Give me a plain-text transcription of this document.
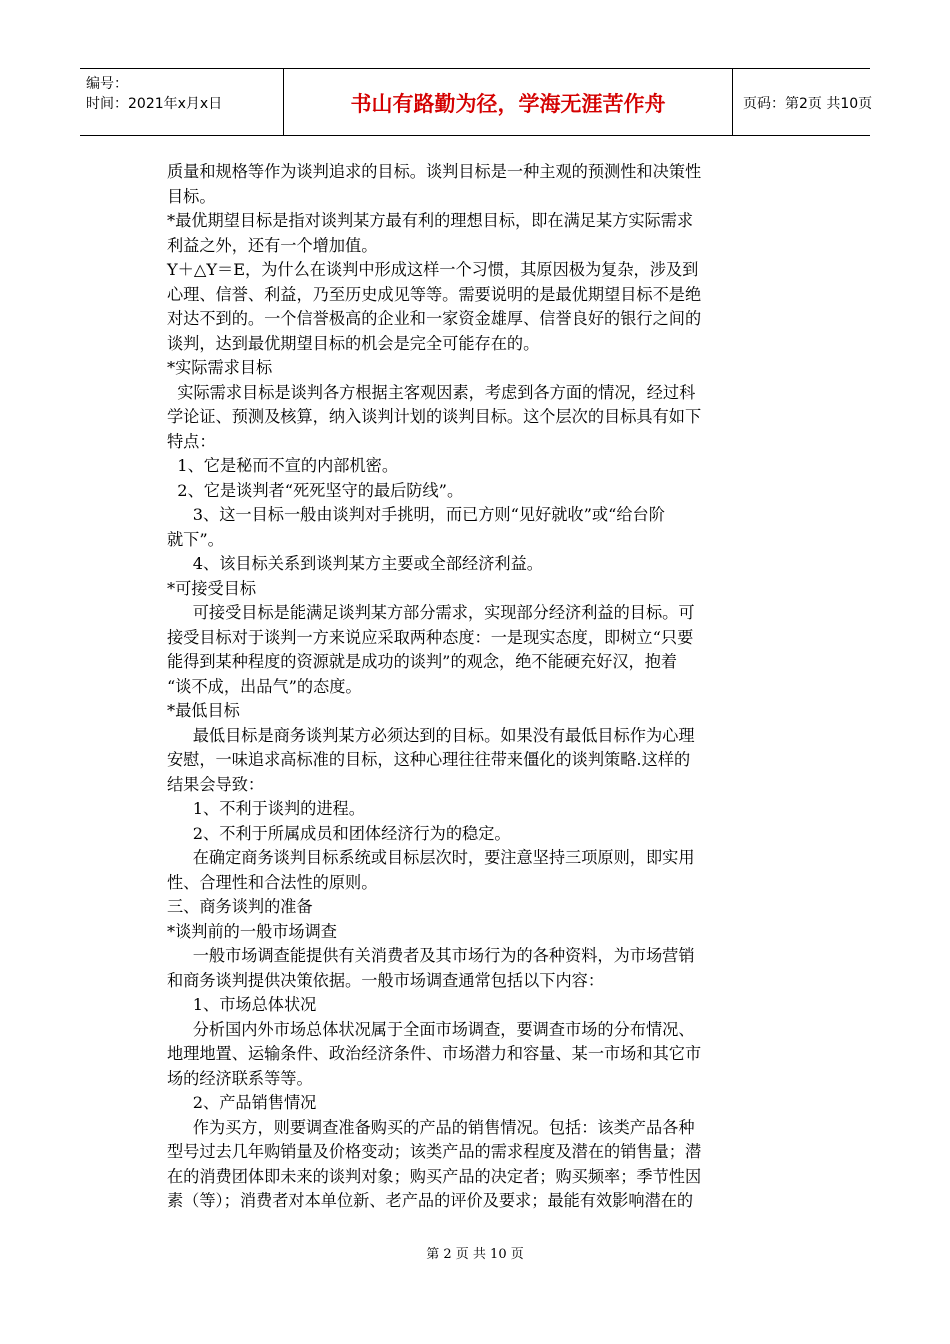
编号：
时间：2021年x月x日	书山有路勤为径，学海无涯苦作舟	页码：第2页 共10页
质量和规格等作为谈判追求的目标。谈判目标是一种主观的预测性和决策性
目标。
*最优期望目标是指对谈判某方最有利的理想目标，即在满足某方实际需求
利益之外，还有一个增加值。
Y＋△Y＝E，为什么在谈判中形成这样一个习惯，其原因极为复杂，涉及到
心理、信誉、利益，乃至历史成见等等。需要说明的是最优期望目标不是绝
对达不到的。一个信誉极高的企业和一家资金雄厚、信誉良好的银行之间的
谈判，达到最优期望目标的机会是完全可能存在的。
*实际需求目标
实际需求目标是谈判各方根据主客观因素，考虑到各方面的情况，经过科
学论证、预测及核算，纳入谈判计划的谈判目标。这个层次的目标具有如下
特点：
1、它是秘而不宣的内部机密。
2、它是谈判者“死死坚守的最后防线”。
3、这一目标一般由谈判对手挑明，而已方则“见好就收”或“给台阶
就下”。
4、该目标关系到谈判某方主要或全部经济利益。
*可接受目标
可接受目标是能满足谈判某方部分需求，实现部分经济利益的目标。可
接受目标对于谈判一方来说应采取两种态度：一是现实态度，即树立“只要
能得到某种程度的资源就是成功的谈判”的观念，绝不能硬充好汉，抱着
“谈不成，出品气”的态度。
*最低目标
最低目标是商务谈判某方必须达到的目标。如果没有最低目标作为心理
安慰，一味追求高标准的目标，这种心理往往带来僵化的谈判策略.这样的
结果会导致：
1、不利于谈判的进程。
2、不利于所属成员和团体经济行为的稳定。
在确定商务谈判目标系统或目标层次时，要注意坚持三项原则，即实用
性、合理性和合法性的原则。
三、商务谈判的准备
*谈判前的一般市场调查
一般市场调查能提供有关消费者及其市场行为的各种资料，为市场营销
和商务谈判提供决策依据。一般市场调查通常包括以下内容：
1、市场总体状况
分析国内外市场总体状况属于全面市场调查，要调查市场的分布情况、
地理地置、运输条件、政治经济条件、市场潜力和容量、某一市场和其它市
场的经济联系等等。
2、产品销售情况
作为买方，则要调查准备购买的产品的销售情况。包括：该类产品各种
型号过去几年购销量及价格变动；该类产品的需求程度及潜在的销售量；潜
在的消费团体即未来的谈判对象；购买产品的决定者；购买频率；季节性因
素（等）；消费者对本单位新、老产品的评价及要求；最能有效影响潜在的
第 2 页 共 10 页
